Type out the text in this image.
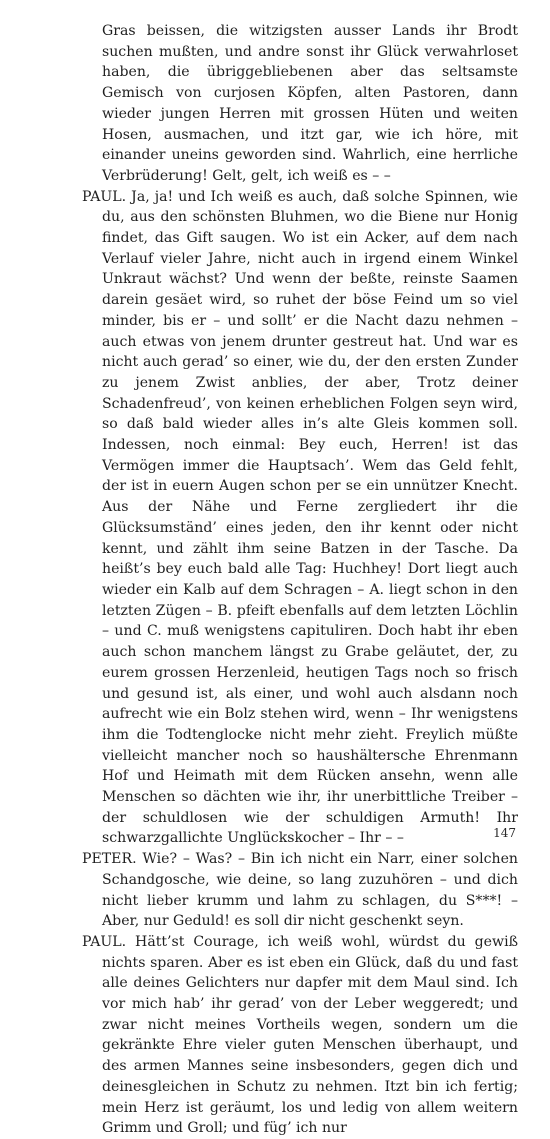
Gras beissen, die witzigsten ausser Lands ihr Brodt suchen mußten, und andre sonst ihr Glück verwahrloset haben, die übriggebliebenen aber das seltsamste Gemisch von curjosen Köpfen, alten Pastoren, dann wieder jungen Herren mit grossen Hüten und weiten Hosen, ausmachen, und itzt gar, wie ich höre, mit einander uneins geworden sind. Wahrlich, eine herrliche Verbrüderung! Gelt, gelt, ich weiß es – –

PAUL. Ja, ja! und Ich weiß es auch, daß solche Spinnen, wie du, aus den schönsten Bluhmen, wo die Biene nur Honig findet, das Gift saugen. Wo ist ein Acker, auf dem nach Verlauf vieler Jahre, nicht auch in irgend einem Winkel Unkraut wächst? Und wenn der beßte, reinste Saamen darein gesäet wird, so ruhet der böse Feind um so viel minder, bis er – und sollt’ er die Nacht dazu nehmen – auch etwas von jenem drunter gestreut hat. Und war es nicht auch gerad’ so einer, wie du, der den ersten Zunder zu jenem Zwist anblies, der aber, Trotz deiner Schadenfreud’, von keinen erheblichen Folgen seyn wird, so daß bald wieder alles in’s alte Gleis kommen soll. Indessen, noch einmal: Bey euch, Herren! ist das Vermögen immer die Hauptsach’. Wem das Geld fehlt, der ist in euern Augen schon per se ein unnützer Knecht. Aus der Nähe und Ferne zergliedert ihr die Glücksumständ’ eines jeden, den ihr kennt oder nicht kennt, und zählt ihm seine Batzen in der Tasche. Da heißt’s bey euch bald alle Tag: Huchhey! Dort liegt auch wieder ein Kalb auf dem Schragen – A. liegt schon in den letzten Zügen – B. pfeift ebenfalls auf dem letzten Löchlin – und C. muß wenigstens capituliren. Doch habt ihr eben auch schon manchem längst zu Grabe geläutet, der, zu eurem grossen Herzenleid, heutigen Tags noch so frisch und gesund ist, als einer, und wohl auch alsdann noch aufrecht wie ein Bolz stehen wird, wenn – Ihr wenigstens ihm die Todtenglocke nicht mehr zieht. Freylich müßte vielleicht mancher noch so haushältersche Ehrenmann Hof und Heimath mit dem Rücken ansehn, wenn alle Menschen so dächten wie ihr, ihr unerbittliche Treiber – der schuldlosen wie der schuldigen Armuth! Ihr schwarzgallichte Unglückskocher – Ihr – –

PETER. Wie? – Was? – Bin ich nicht ein Narr, einer solchen Schandgosche, wie deine, so lang zuzuhören – und dich nicht lieber krumm und lahm zu schlagen, du S***! – Aber, nur Geduld! es soll dir nicht geschenkt seyn.

PAUL. Hätt’st Courage, ich weiß wohl, würdst du gewiß nichts sparen. Aber es ist eben ein Glück, daß du und fast alle deines Gelichters nur dapfer mit dem Maul sind. Ich vor mich hab’ ihr gerad’ von der Leber weggeredt; und zwar nicht meines Vortheils wegen, sondern um die gekränkte Ehre vieler guten Menschen überhaupt, und des armen Mannes seine insbesonders, gegen dich und deinesgleichen in Schutz zu nehmen. Itzt bin ich fertig; mein Herz ist geräumt, los und ledig von allem weitern Grimm und Groll; und füg’ ich nur

147
